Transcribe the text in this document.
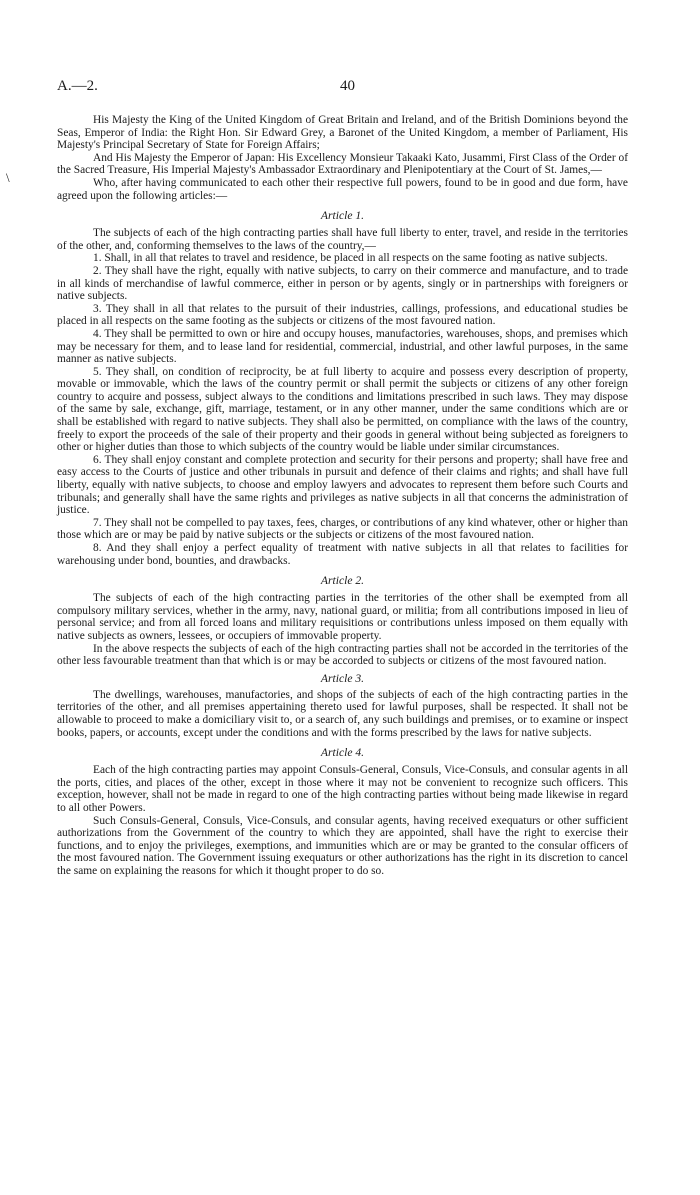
A.—2.	40
\

His Majesty the King of the United Kingdom of Great Britain and Ireland, and of the British Dominions beyond the Seas, Emperor of India: the Right Hon. Sir Edward Grey, a Baronet of the United Kingdom, a member of Parliament, His Majesty's Principal Secretary of State for Foreign Affairs;

And His Majesty the Emperor of Japan: His Excellency Monsieur Takaaki Kato, Jusammi, First Class of the Order of the Sacred Treasure, His Imperial Majesty's Ambassador Extraordinary and Plenipotentiary at the Court of St. James,—

Who, after having communicated to each other their respective full powers, found to be in good and due form, have agreed upon the following articles:—

Article 1.

The subjects of each of the high contracting parties shall have full liberty to enter, travel, and reside in the territories of the other, and, conforming themselves to the laws of the country,—

1. Shall, in all that relates to travel and residence, be placed in all respects on the same footing as native subjects.

2. They shall have the right, equally with native subjects, to carry on their commerce and manufacture, and to trade in all kinds of merchandise of lawful commerce, either in person or by agents, singly or in partnerships with foreigners or native subjects.

3. They shall in all that relates to the pursuit of their industries, callings, professions, and educational studies be placed in all respects on the same footing as the subjects or citizens of the most favoured nation.

4. They shall be permitted to own or hire and occupy houses, manufactories, warehouses, shops, and premises which may be necessary for them, and to lease land for residential, commercial, industrial, and other lawful purposes, in the same manner as native subjects.

5. They shall, on condition of reciprocity, be at full liberty to acquire and possess every description of property, movable or immovable, which the laws of the country permit or shall permit the subjects or citizens of any other foreign country to acquire and possess, subject always to the conditions and limitations prescribed in such laws. They may dispose of the same by sale, exchange, gift, marriage, testament, or in any other manner, under the same conditions which are or shall be established with regard to native subjects. They shall also be permitted, on compliance with the laws of the country, freely to export the proceeds of the sale of their property and their goods in general without being subjected as foreigners to other or higher duties than those to which subjects of the country would be liable under similar circumstances.

6. They shall enjoy constant and complete protection and security for their persons and property; shall have free and easy access to the Courts of justice and other tribunals in pursuit and defence of their claims and rights; and shall have full liberty, equally with native subjects, to choose and employ lawyers and advocates to represent them before such Courts and tribunals; and generally shall have the same rights and privileges as native subjects in all that concerns the administration of justice.

7. They shall not be compelled to pay taxes, fees, charges, or contributions of any kind whatever, other or higher than those which are or may be paid by native subjects or the subjects or citizens of the most favoured nation.

8. And they shall enjoy a perfect equality of treatment with native subjects in all that relates to facilities for warehousing under bond, bounties, and drawbacks.

Article 2.

The subjects of each of the high contracting parties in the territories of the other shall be exempted from all compulsory military services, whether in the army, navy, national guard, or militia; from all contributions imposed in lieu of personal service; and from all forced loans and military requisitions or contributions unless imposed on them equally with native subjects as owners, lessees, or occupiers of immovable property.

In the above respects the subjects of each of the high contracting parties shall not be accorded in the territories of the other less favourable treatment than that which is or may be accorded to subjects or citizens of the most favoured nation.

Article 3.

The dwellings, warehouses, manufactories, and shops of the subjects of each of the high contracting parties in the territories of the other, and all premises appertaining thereto used for lawful purposes, shall be respected. It shall not be allowable to proceed to make a domiciliary visit to, or a search of, any such buildings and premises, or to examine or inspect books, papers, or accounts, except under the conditions and with the forms prescribed by the laws for native subjects.

Article 4.

Each of the high contracting parties may appoint Consuls-General, Consuls, Vice-Consuls, and consular agents in all the ports, cities, and places of the other, except in those where it may not be convenient to recognize such officers. This exception, however, shall not be made in regard to one of the high contracting parties without being made likewise in regard to all other Powers.

Such Consuls-General, Consuls, Vice-Consuls, and consular agents, having received exequaturs or other sufficient authorizations from the Government of the country to which they are appointed, shall have the right to exercise their functions, and to enjoy the privileges, exemptions, and immunities which are or may be granted to the consular officers of the most favoured nation. The Government issuing exequaturs or other authorizations has the right in its discretion to cancel the same on explaining the reasons for which it thought proper to do so.
